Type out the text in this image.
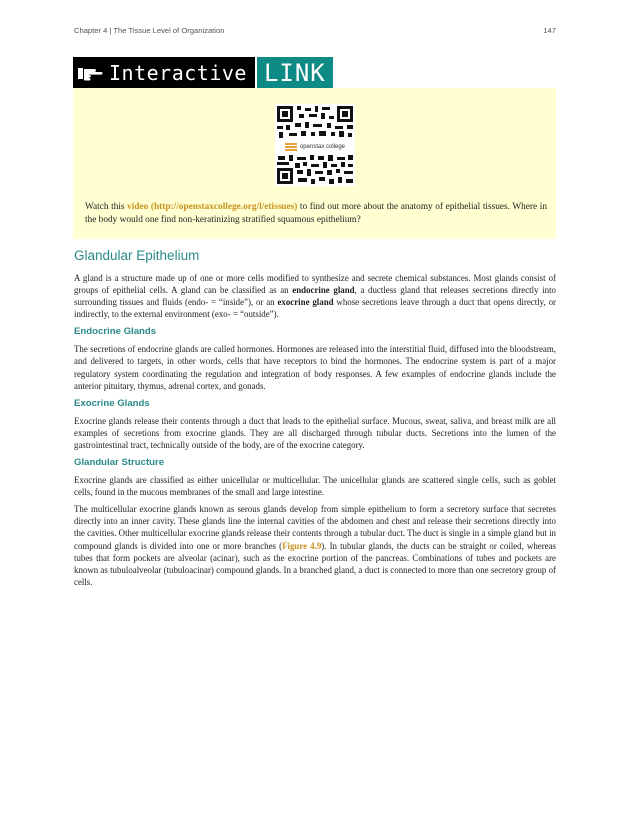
Chapter 4 | The Tissue Level of Organization	147
Interactive LINK
openstax college
Watch this video (http://openstaxcollege.org/l/etissues) to find out more about the anatomy of epithelial tissues. Where in the body would one find non-keratinizing stratified squamous epithelium?
Glandular Epithelium

A gland is a structure made up of one or more cells modified to synthesize and secrete chemical substances. Most glands consist of groups of epithelial cells. A gland can be classified as an endocrine gland, a ductless gland that releases secretions directly into surrounding tissues and fluids (endo- = “inside”), or an exocrine gland whose secretions leave through a duct that opens directly, or indirectly, to the external environment (exo- = “outside”).

Endocrine Glands

The secretions of endocrine glands are called hormones. Hormones are released into the interstitial fluid, diffused into the bloodstream, and delivered to targets, in other words, cells that have receptors to bind the hormones. The endocrine system is part of a major regulatory system coordinating the regulation and integration of body responses. A few examples of endocrine glands include the anterior pituitary, thymus, adrenal cortex, and gonads.

Exocrine Glands

Exocrine glands release their contents through a duct that leads to the epithelial surface. Mucous, sweat, saliva, and breast milk are all examples of secretions from exocrine glands. They are all discharged through tubular ducts. Secretions into the lumen of the gastrointestinal tract, technically outside of the body, are of the exocrine category.

Glandular Structure

Exocrine glands are classified as either unicellular or multicellular. The unicellular glands are scattered single cells, such as goblet cells, found in the mucous membranes of the small and large intestine.

The multicellular exocrine glands known as serous glands develop from simple epithelium to form a secretory surface that secretes directly into an inner cavity. These glands line the internal cavities of the abdomen and chest and release their secretions directly into the cavities. Other multicellular exocrine glands release their contents through a tubular duct. The duct is single in a simple gland but in compound glands is divided into one or more branches (Figure 4.9). In tubular glands, the ducts can be straight or coiled, whereas tubes that form pockets are alveolar (acinar), such as the exocrine portion of the pancreas. Combinations of tubes and pockets are known as tubuloalveolar (tubuloacinar) compound glands. In a branched gland, a duct is connected to more than one secretory group of cells.
